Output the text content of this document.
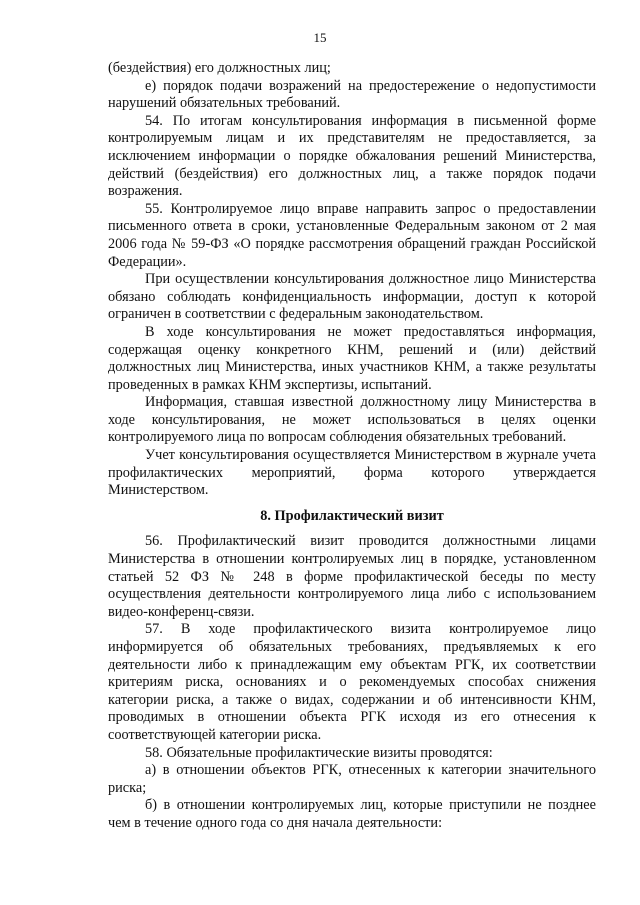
15

(бездействия) его должностных лиц;

е) порядок подачи возражений на предостережение о недопустимости нарушений обязательных требований.

54. По итогам консультирования информация в письменной форме контролируемым лицам и их представителям не предоставляется, за исключением информации о порядке обжалования решений Министерства, действий (бездействия) его должностных лиц, а также порядок подачи возражения.

55. Контролируемое лицо вправе направить запрос о предоставлении письменного ответа в сроки, установленные Федеральным законом от 2 мая 2006 года № 59-ФЗ «О порядке рассмотрения обращений граждан Российской Федерации».

При осуществлении консультирования должностное лицо Министерства обязано соблюдать конфиденциальность информации, доступ к которой ограничен в соответствии с федеральным законодательством.

В ходе консультирования не может предоставляться информация, содержащая оценку конкретного КНМ, решений и (или) действий должностных лиц Министерства, иных участников КНМ, а также результаты проведенных в рамках КНМ экспертизы, испытаний.

Информация, ставшая известной должностному лицу Министерства в ходе консультирования, не может использоваться в целях оценки контролируемого лица по вопросам соблюдения обязательных требований.

Учет консультирования осуществляется Министерством в журнале учета профилактических мероприятий, форма которого утверждается Министерством.

8. Профилактический визит

56. Профилактический визит проводится должностными лицами Министерства в отношении контролируемых лиц в порядке, установленном статьей 52 ФЗ № 248 в форме профилактической беседы по месту осуществления деятельности контролируемого лица либо с использованием видео-конференц-связи.

57. В ходе профилактического визита контролируемое лицо информируется об обязательных требованиях, предъявляемых к его деятельности либо к принадлежащим ему объектам РГК, их соответствии критериям риска, основаниях и о рекомендуемых способах снижения категории риска, а также о видах, содержании и об интенсивности КНМ, проводимых в отношении объекта РГК исходя из его отнесения к соответствующей категории риска.

58. Обязательные профилактические визиты проводятся:

а) в отношении объектов РГК, отнесенных к категории значительного риска;

б) в отношении контролируемых лиц, которые приступили не позднее чем в течение одного года со дня начала деятельности:
